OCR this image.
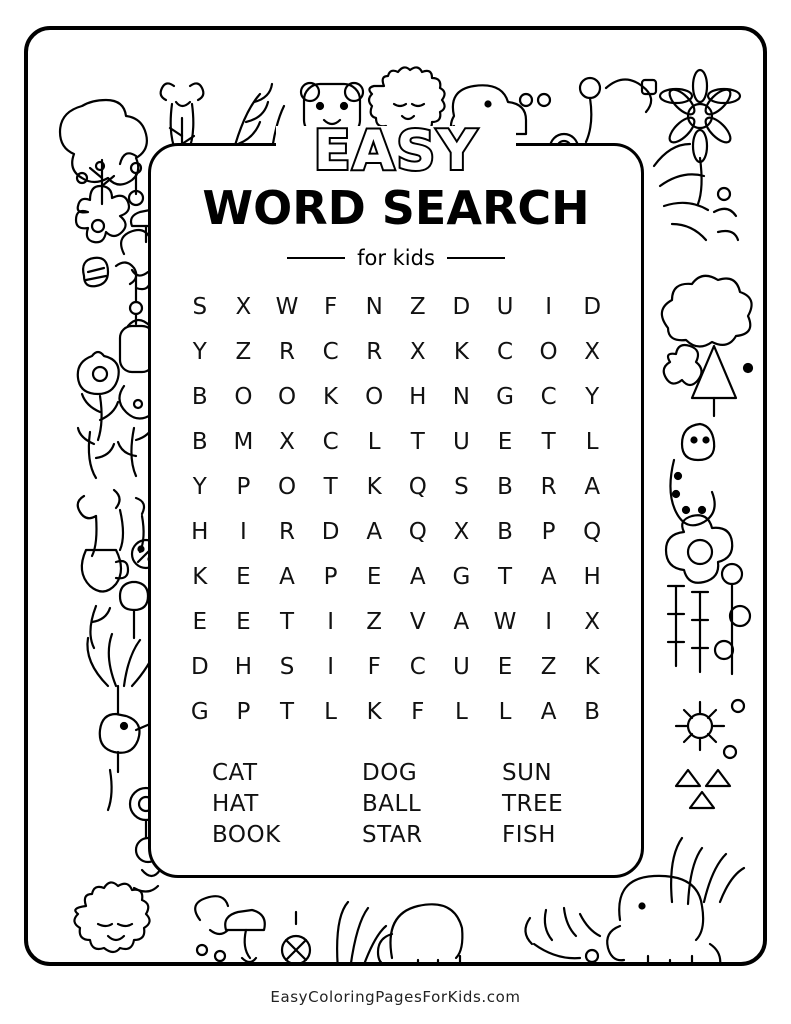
EASY
WORD SEARCH
for kids
S	X	W	F	N	Z	D	U	I	D
Y	Z	R	C	R	X	K	C	O	X
B	O	O	K	O	H	N	G	C	Y
B	M	X	C	L	T	U	E	T	L
Y	P	O	T	K	Q	S	B	R	A
H	I	R	D	A	Q	X	B	P	Q
K	E	A	P	E	A	G	T	A	H
E	E	T	I	Z	V	A	W	I	X
D	H	S	I	F	C	U	E	Z	K
G	P	T	L	K	F	L	L	A	B
CAT	DOG	SUN
HAT	BALL	TREE
BOOK	STAR	FISH
EasyColoringPagesForKids.com
